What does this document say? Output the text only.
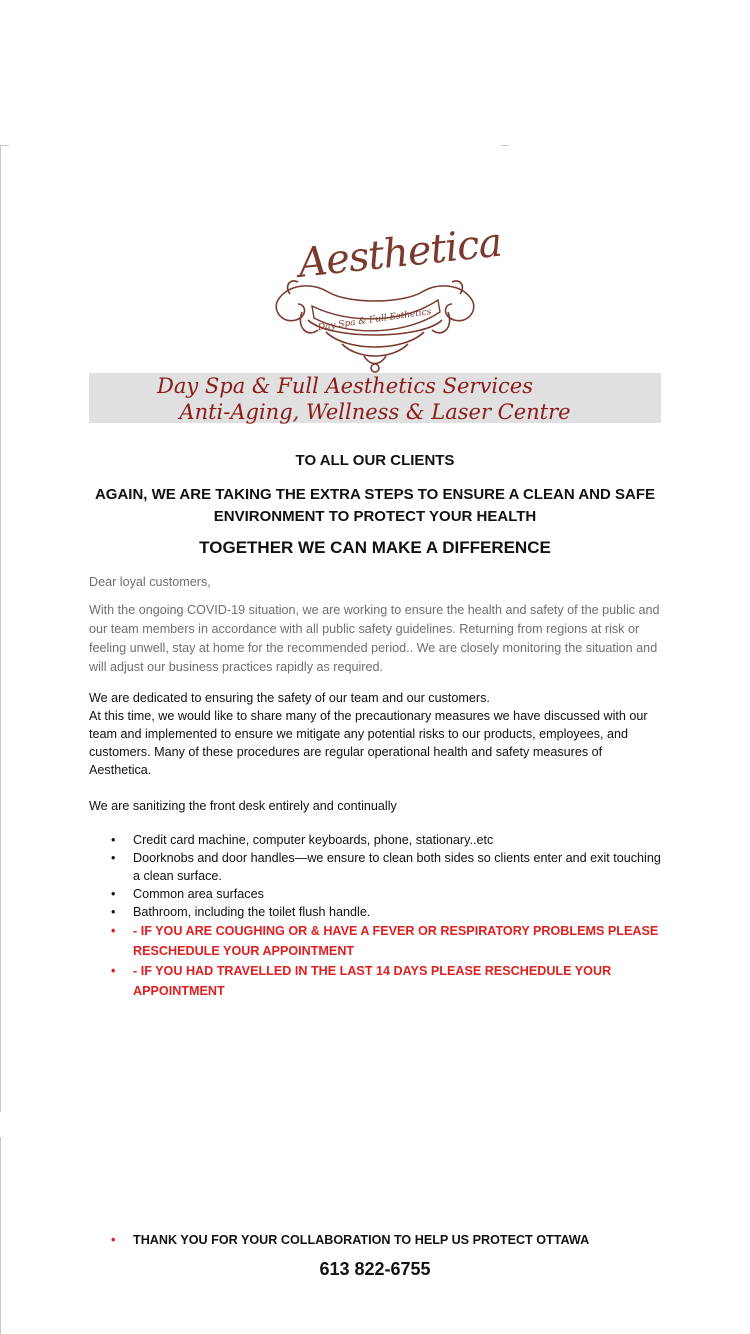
Day Spa & Full Esthetics
Aesthetica
Day Spa & Full Aesthetics Services
Anti-Aging, Wellness & Laser Centre
TO ALL OUR CLIENTS
AGAIN, WE ARE TAKING THE EXTRA STEPS TO ENSURE A CLEAN AND SAFE ENVIRONMENT TO PROTECT YOUR HEALTH
TOGETHER WE CAN MAKE A DIFFERENCE
Dear loyal customers,
With the ongoing COVID-19 situation, we are working to ensure the health and safety of the public and our team members in accordance with all public safety guidelines. Returning from regions at risk or feeling unwell, stay at home for the recommended period.. We are closely monitoring the situation and will adjust our business practices rapidly as required.
We are dedicated to ensuring the safety of our team and our customers.
At this time, we would like to share many of the precautionary measures we have discussed with our team and implemented to ensure we mitigate any potential risks to our products, employees, and customers. Many of these procedures are regular operational health and safety measures of Aesthetica.
We are sanitizing the front desk entirely and continually
• Credit card machine, computer keyboards, phone, stationary..etc
• Doorknobs and door handles—we ensure to clean both sides so clients enter and exit touching a clean surface.
• Common area surfaces
• Bathroom, including the toilet flush handle.
• - IF YOU ARE COUGHING OR & HAVE A FEVER OR RESPIRATORY PROBLEMS PLEASE RESCHEDULE YOUR APPOINTMENT
• - IF YOU HAD TRAVELLED IN THE LAST 14 DAYS PLEASE RESCHEDULE YOUR APPOINTMENT
• THANK YOU FOR YOUR COLLABORATION TO HELP US PROTECT OTTAWA
613 822-6755
